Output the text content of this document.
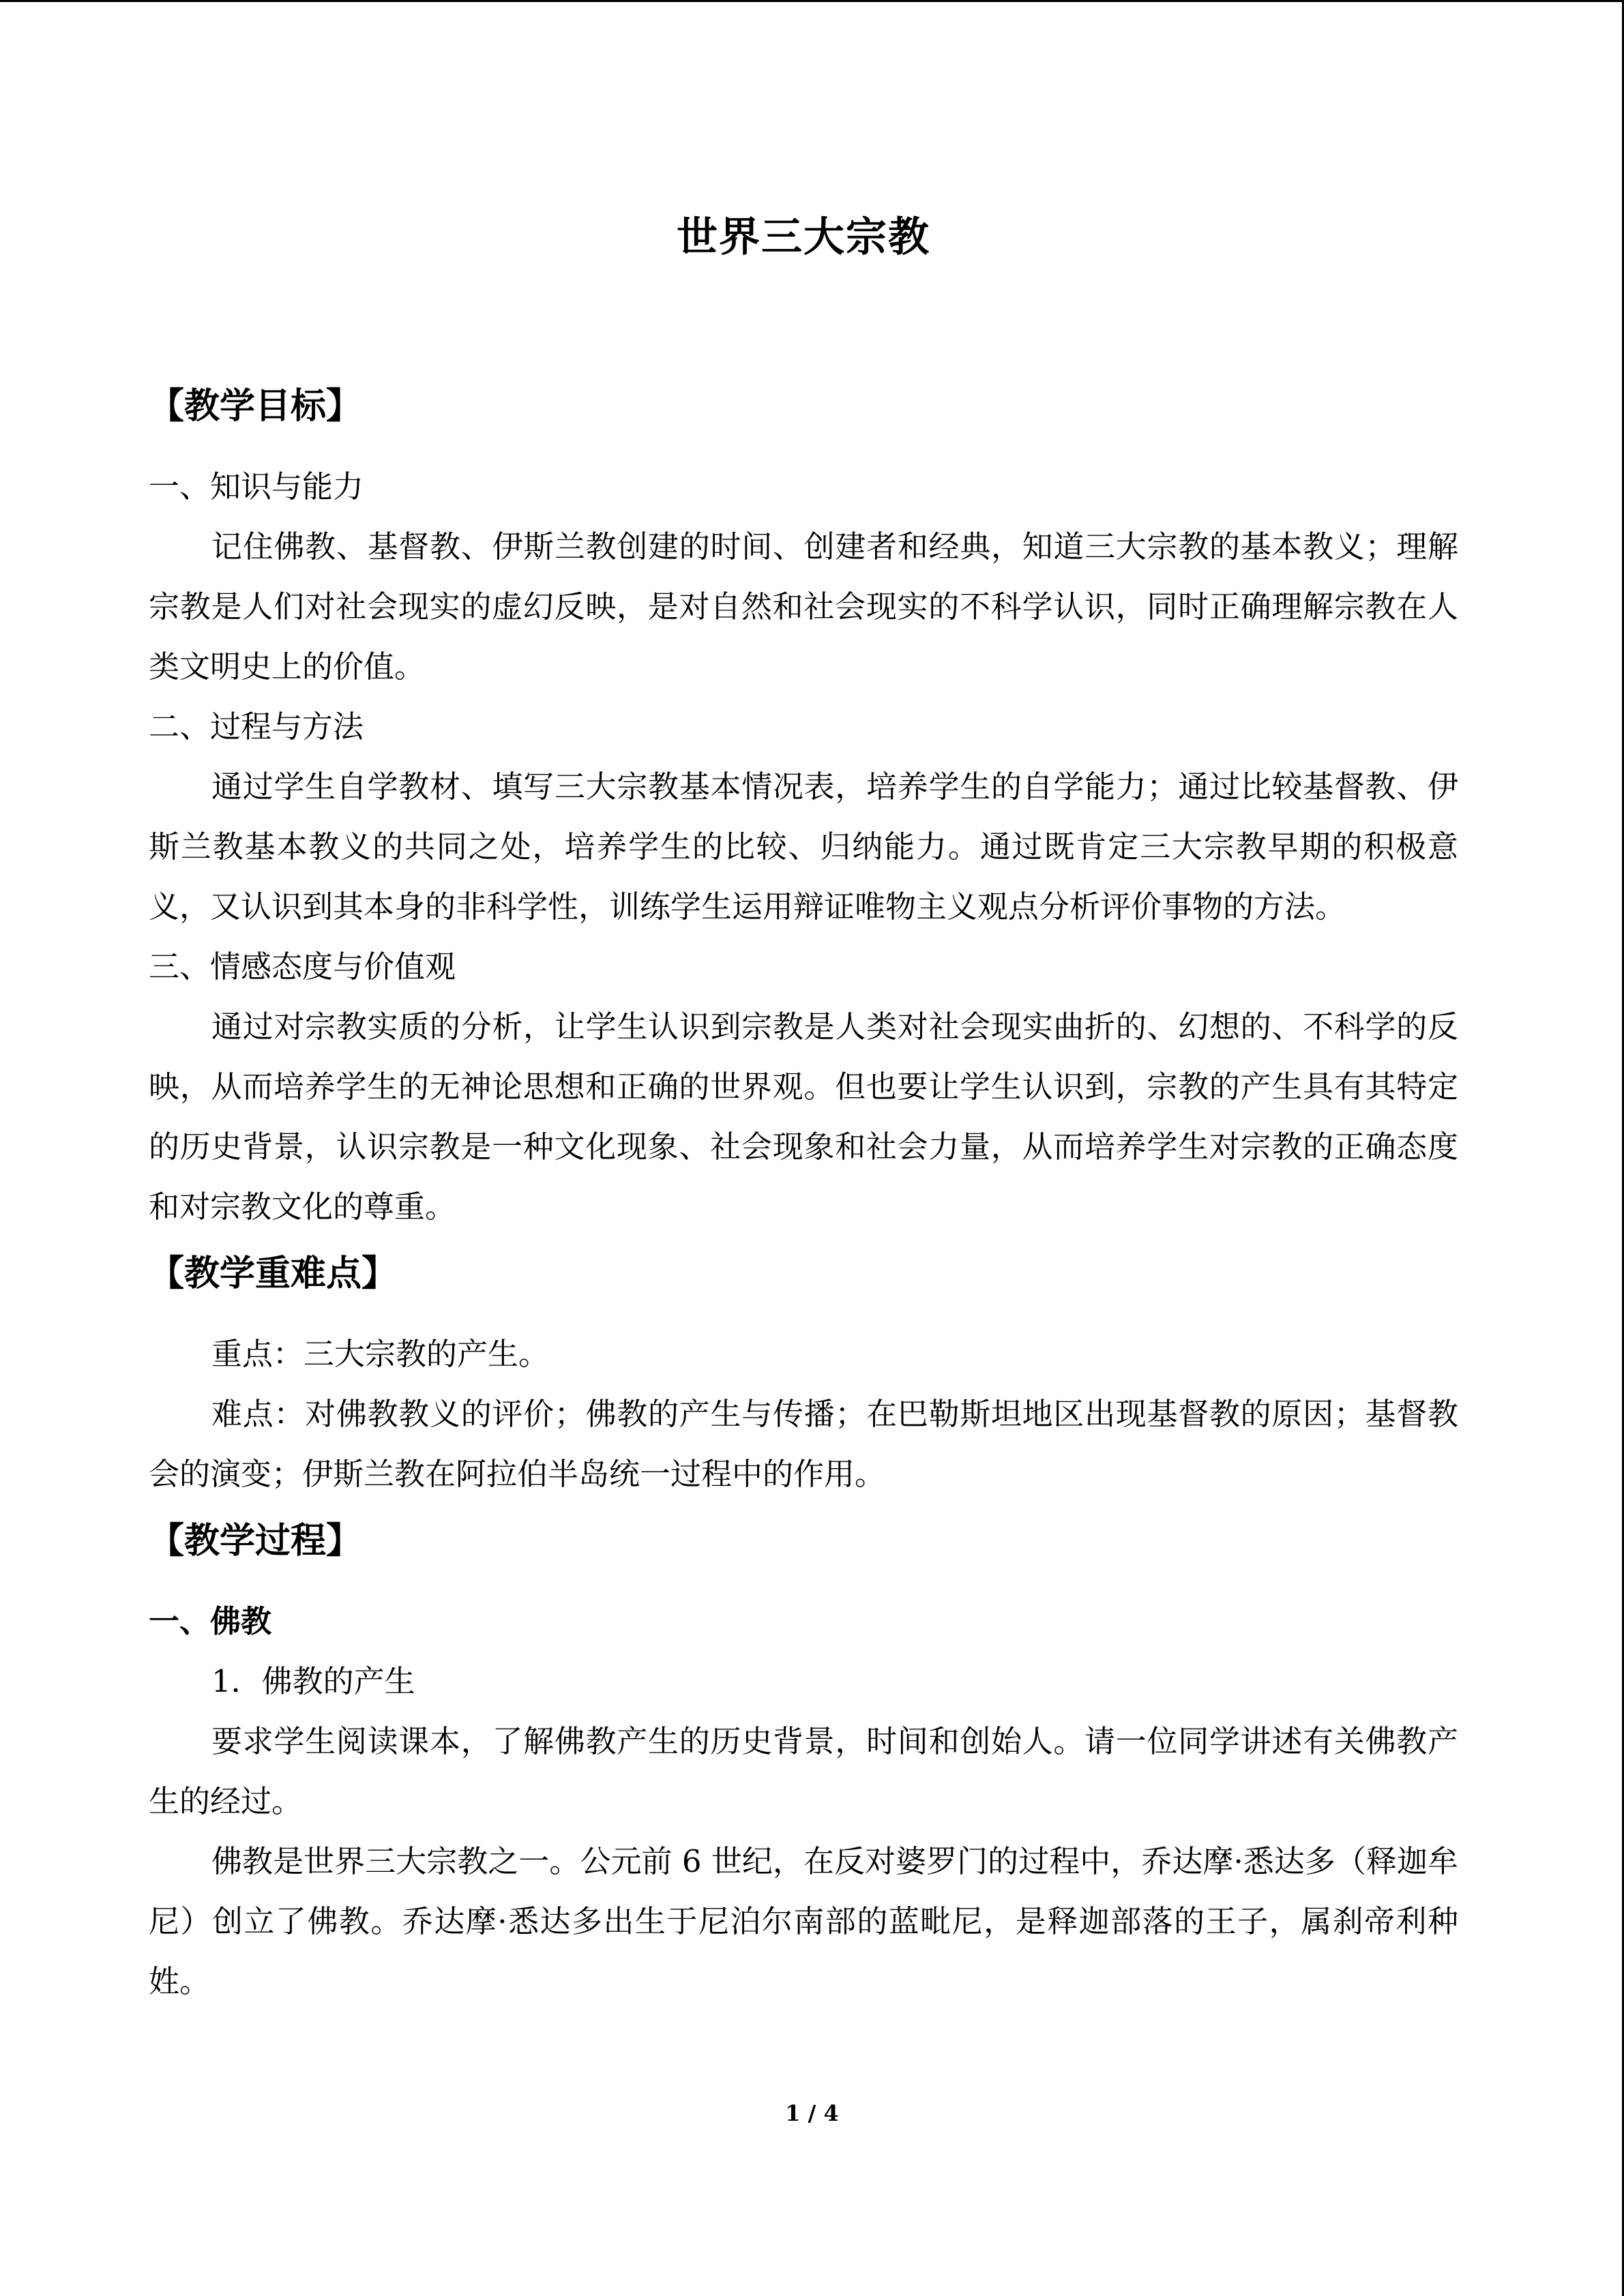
世界三大宗教
【教学目标】

一、知识与能力

记住佛教、基督教、伊斯兰教创建的时间、创建者和经典，知道三大宗教的基本教义；理解宗教是人们对社会现实的虚幻反映，是对自然和社会现实的不科学认识，同时正确理解宗教在人类文明史上的价值。

二、过程与方法

通过学生自学教材、填写三大宗教基本情况表，培养学生的自学能力；通过比较基督教、伊斯兰教基本教义的共同之处，培养学生的比较、归纳能力。通过既肯定三大宗教早期的积极意义，又认识到其本身的非科学性，训练学生运用辩证唯物主义观点分析评价事物的方法。

三、情感态度与价值观

通过对宗教实质的分析，让学生认识到宗教是人类对社会现实曲折的、幻想的、不科学的反映，从而培养学生的无神论思想和正确的世界观。但也要让学生认识到，宗教的产生具有其特定的历史背景，认识宗教是一种文化现象、社会现象和社会力量，从而培养学生对宗教的正确态度和对宗教文化的尊重。

【教学重难点】

重点：三大宗教的产生。

难点：对佛教教义的评价；佛教的产生与传播；在巴勒斯坦地区出现基督教的原因；基督教会的演变；伊斯兰教在阿拉伯半岛统一过程中的作用。

【教学过程】

一、佛教

1．佛教的产生

要求学生阅读课本，了解佛教产生的历史背景，时间和创始人。请一位同学讲述有关佛教产生的经过。

佛教是世界三大宗教之一。公元前 6 世纪，在反对婆罗门的过程中，乔达摩·悉达多（释迦牟尼）创立了佛教。乔达摩·悉达多出生于尼泊尔南部的蓝毗尼，是释迦部落的王子，属刹帝利种姓。

1 / 4
